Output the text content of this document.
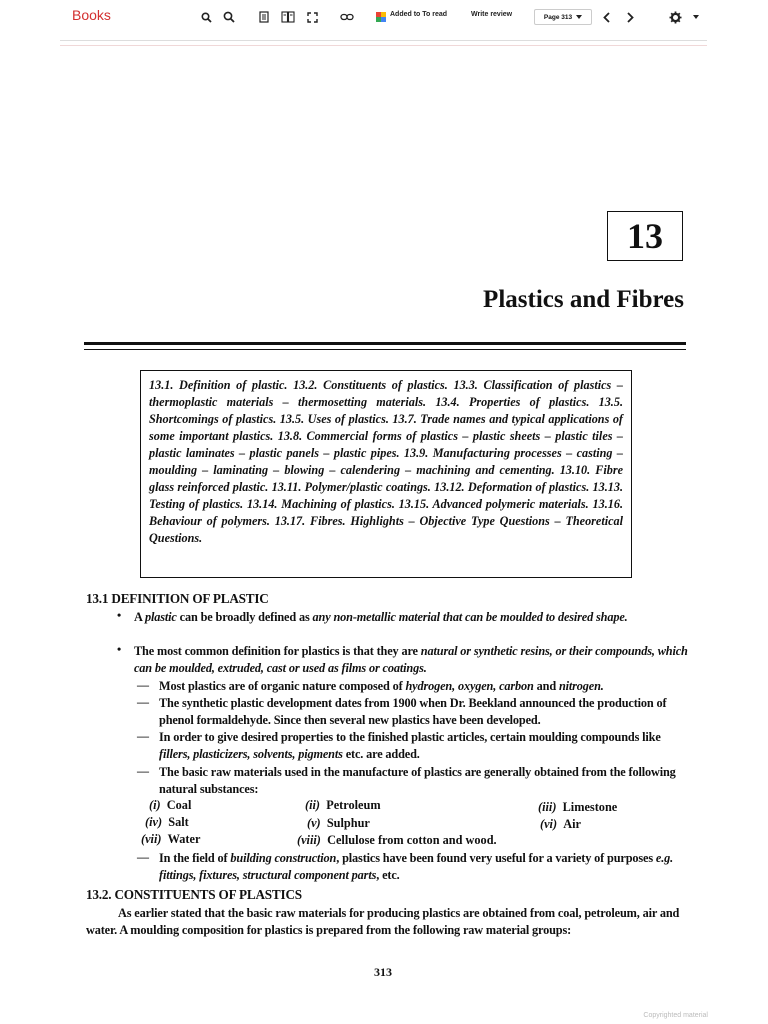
Books	Added to To read	Write review	Page 313
13
Plastics and Fibres
13.1. Definition of plastic. 13.2. Constituents of plastics. 13.3. Classification of plastics –thermoplastic materials – thermosetting materials. 13.4. Properties of plastics. 13.5. Shortcomings of plastics. 13.5. Uses of plastics. 13.7. Trade names and typical applications of some important plastics. 13.8. Commercial forms of plastics – plastic sheets – plastic tiles – plastic laminates – plastic panels – plastic pipes. 13.9. Manufacturing processes – casting – moulding – laminating – blowing – calendering – machining and cementing. 13.10. Fibre glass reinforced plastic. 13.11. Polymer/plastic coatings. 13.12. Deformation of plastics. 13.13. Testing of plastics. 13.14. Machining of plastics. 13.15. Advanced polymeric materials. 13.16. Behaviour of polymers. 13.17. Fibres. Highlights – Objective Type Questions – Theoretical Questions.
13.1 DEFINITION OF PLASTIC
• A plastic can be broadly defined as any non-metallic material that can be moulded to desired shape.
• The most common definition for plastics is that they are natural or synthetic resins, or their compounds, which can be moulded, extruded, cast or used as films or coatings.
— Most plastics are of organic nature composed of hydrogen, oxygen, carbon and nitrogen.
— The synthetic plastic development dates from 1900 when Dr. Beekland announced the production of phenol formaldehyde. Since then several new plastics have been developed.
— In order to give desired properties to the finished plastic articles, certain moulding compounds like fillers, plasticizers, solvents, pigments etc. are added.
— The basic raw materials used in the manufacture of plastics are generally obtained from the following natural substances:
(i) Coal	(ii) Petroleum	(iii) Limestone
(iv) Salt	(v) Sulphur	(vi) Air
(vii) Water	(viii) Cellulose from cotton and wood.
— In the field of building construction, plastics have been found very useful for a variety of purposes e.g. fittings, fixtures, structural component parts, etc.
13.2. CONSTITUENTS OF PLASTICS
As earlier stated that the basic raw materials for producing plastics are obtained from coal, petroleum, air and water. A moulding composition for plastics is prepared from the following raw material groups:
313
Copyrighted material
